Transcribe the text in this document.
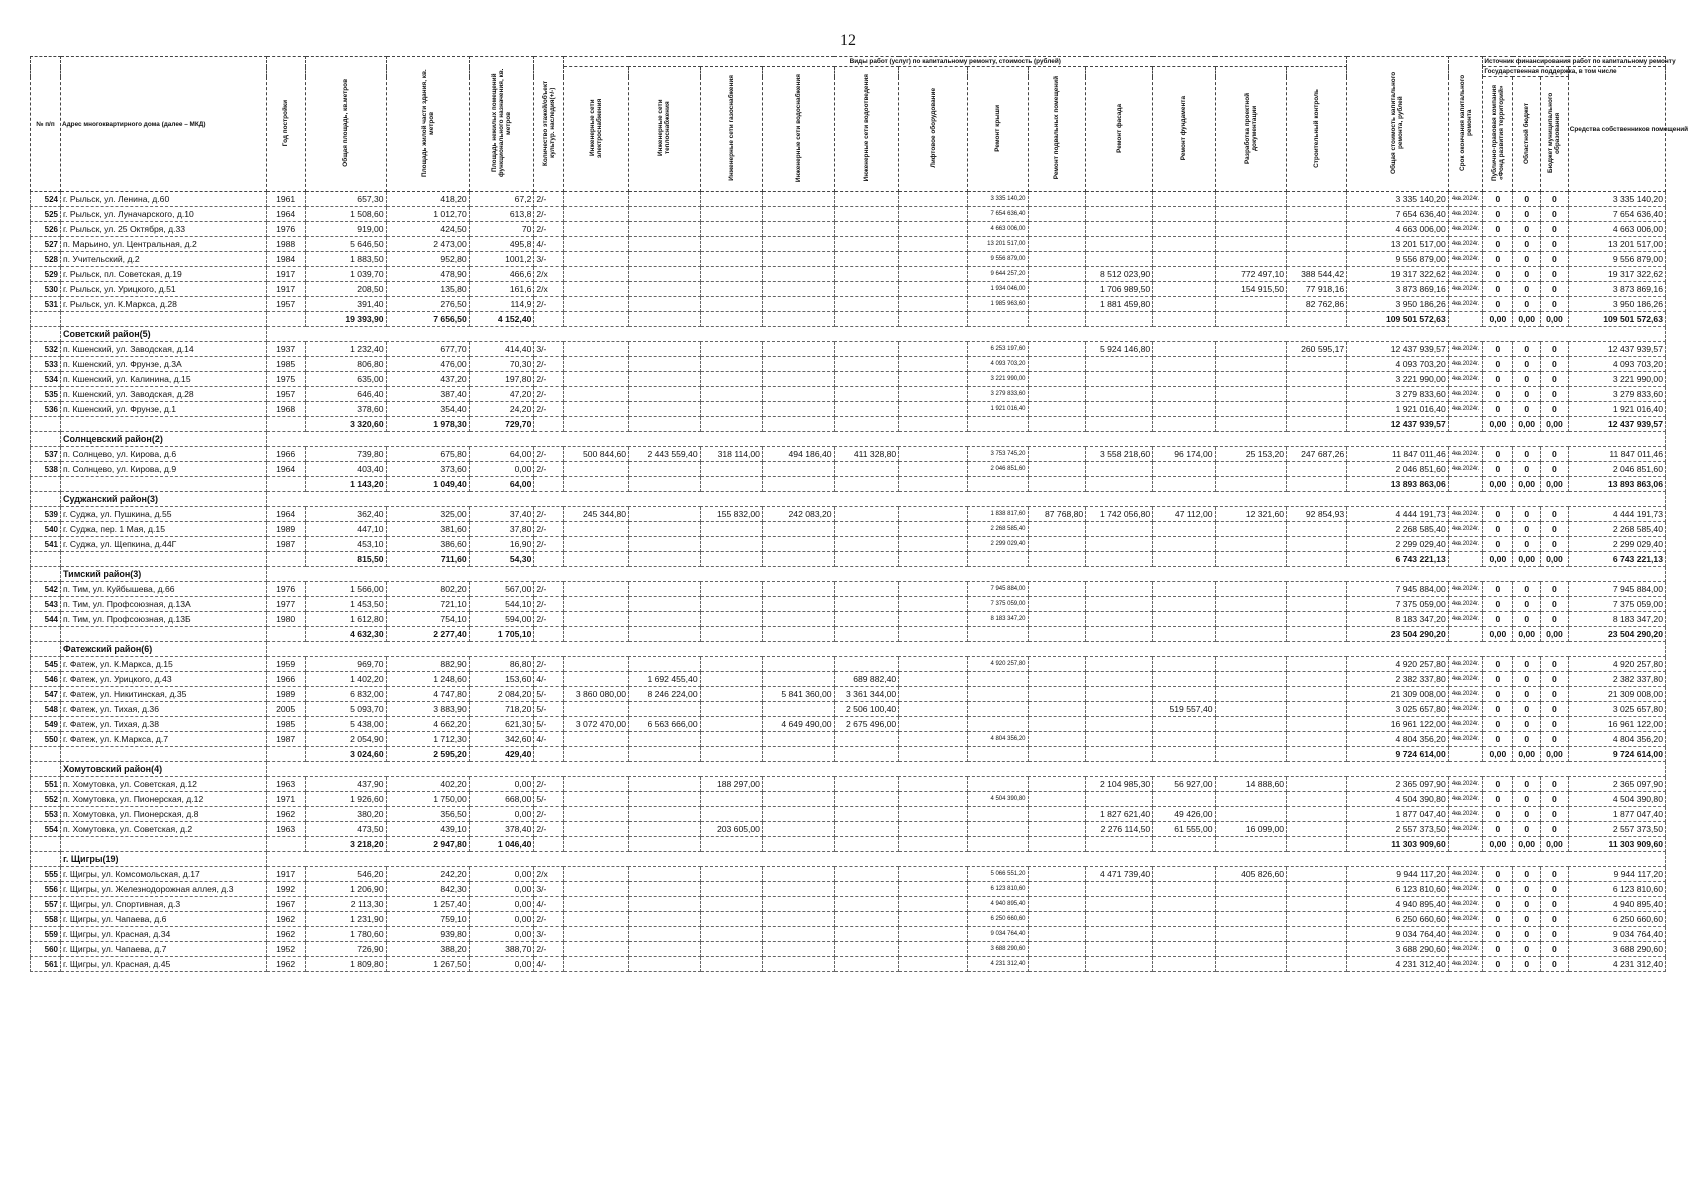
12
№ п/п	Адрес многоквартирного дома (далее – МКД)	Год постройки	Общая площадь, кв.метров	Площадь жилой части здания, кв. метров	Площадь нежилых помещений функционального назначения, кв. метров	Количество этажей/объект культур. наследия(+/-)	Виды работ (услуг) по капитальному ремонту, стоимость (рублей)												Общая стоимость капитального ремонта, рублей	Срок окончания капитального ремонта	Источник финансирования работ по капитальному ремонту			
							Инженерные сети электроснабжения	Инженерные сети теплоснабжения	Инженерные сети газоснабжения	Инженерные сети водоснабжения	Инженерные сети водоотведения	Лифтовое оборудование	Ремонт крыши	Ремонт подвальных помещений	Ремонт фасада	Ремонт фундамента	Разработка проектной документации	Строительный контроль			Государственная поддержка, в том числе			Средства собственников помещений
																					Публично-правовая компания «Фонд развития территорий»	Областной бюджет	Бюджет муниципального образования	
524	г. Рыльск, ул. Ленина, д.60	1961	657,30	418,20	67,2	2/-							3 335 140,20						3 335 140,20	4кв.2024г.	0	0	0	3 335 140,20
525	г. Рыльск, ул. Луначарского, д.10	1964	1 508,60	1 012,70	613,8	2/-							7 654 636,40						7 654 636,40	4кв.2024г.	0	0	0	7 654 636,40
526	г. Рыльск, ул. 25 Октября, д.33	1976	919,00	424,50	70	2/-							4 663 006,00						4 663 006,00	4кв.2024г.	0	0	0	4 663 006,00
527	п. Марьино, ул. Центральная, д.2	1988	5 646,50	2 473,00	495,8	4/-							13 201 517,00						13 201 517,00	4кв.2024г.	0	0	0	13 201 517,00
528	п. Учительский, д.2	1984	1 883,50	952,80	1001,2	3/-							9 556 879,00						9 556 879,00	4кв.2024г.	0	0	0	9 556 879,00
529	г. Рыльск, пл. Советская, д.19	1917	1 039,70	478,90	466,6	2/x							9 644 257,20		8 512 023,90		772 497,10	388 544,42	19 317 322,62	4кв.2024г.	0	0	0	19 317 322,62
530	г. Рыльск, ул. Урицкого, д.51	1917	208,50	135,80	161,6	2/x							1 934 046,00		1 706 989,50		154 915,50	77 918,16	3 873 869,16	4кв.2024г.	0	0	0	3 873 869,16
531	г. Рыльск, ул. К.Маркса, д.28	1957	391,40	276,50	114,9	2/-							1 985 963,60		1 881 459,80			82 762,86	3 950 186,26	4кв.2024г.	0	0	0	3 950 186,26
			19 393,90	7 656,50	4 152,40														109 501 572,63		0,00	0,00	0,00	109 501 572,63
	Советский район(5)																							
532	п. Кшенский, ул. Заводская, д.14	1937	1 232,40	677,70	414,40	3/-							6 253 197,60		5 924 146,80			260 595,17	12 437 939,57	4кв.2024г.	0	0	0	12 437 939,57
533	п. Кшенский, ул. Фрунзе, д.3А	1985	806,80	476,00	70,30	2/-							4 093 703,20						4 093 703,20	4кв.2024г.	0	0	0	4 093 703,20
534	п. Кшенский, ул. Калинина, д.15	1975	635,00	437,20	197,80	2/-							3 221 990,00						3 221 990,00	4кв.2024г.	0	0	0	3 221 990,00
535	п. Кшенский, ул. Заводская, д.28	1957	646,40	387,40	47,20	2/-							3 279 833,60						3 279 833,60	4кв.2024г.	0	0	0	3 279 833,60
536	п. Кшенский, ул. Фрунзе, д.1	1968	378,60	354,40	24,20	2/-							1 921 016,40						1 921 016,40	4кв.2024г.	0	0	0	1 921 016,40
			3 320,60	1 978,30	729,70														12 437 939,57		0,00	0,00	0,00	12 437 939,57
	Солнцевский район(2)																							
537	п. Солнцево, ул. Кирова, д.6	1966	739,80	675,80	64,00	2/-	500 844,60	2 443 559,40	318 114,00	494 186,40	411 328,80		3 753 745,20		3 558 218,60	96 174,00	25 153,20	247 687,26	11 847 011,46	4кв.2024г.	0	0	0	11 847 011,46
538	п. Солнцево, ул. Кирова, д.9	1964	403,40	373,60	0,00	2/-							2 046 851,60						2 046 851,60	4кв.2024г.	0	0	0	2 046 851,60
			1 143,20	1 049,40	64,00														13 893 863,06		0,00	0,00	0,00	13 893 863,06
	Суджанский район(3)																							
539	г. Суджа, ул. Пушкина, д.55	1964	362,40	325,00	37,40	2/-	245 344,80		155 832,00	242 083,20			1 838 817,60	87 768,80	1 742 056,80	47 112,00	12 321,60	92 854,93	4 444 191,73	4кв.2024г.	0	0	0	4 444 191,73
540	г. Суджа, пер. 1 Мая, д.15	1989	447,10	381,60	37,80	2/-							2 268 585,40						2 268 585,40	4кв.2024г.	0	0	0	2 268 585,40
541	г. Суджа, ул. Щепкина, д.44Г	1987	453,10	386,60	16,90	2/-							2 299 029,40						2 299 029,40	4кв.2024г.	0	0	0	2 299 029,40
			815,50	711,60	54,30														6 743 221,13		0,00	0,00	0,00	6 743 221,13
	Тимский район(3)																							
542	п. Тим, ул. Куйбышева, д.66	1976	1 566,00	802,20	567,00	2/-							7 945 884,00						7 945 884,00	4кв.2024г.	0	0	0	7 945 884,00
543	п. Тим, ул. Профсоюзная, д.13А	1977	1 453,50	721,10	544,10	2/-							7 375 059,00						7 375 059,00	4кв.2024г.	0	0	0	7 375 059,00
544	п. Тим, ул. Профсоюзная, д.13Б	1980	1 612,80	754,10	594,00	2/-							8 183 347,20						8 183 347,20	4кв.2024г.	0	0	0	8 183 347,20
			4 632,30	2 277,40	1 705,10														23 504 290,20		0,00	0,00	0,00	23 504 290,20
	Фатежский район(6)																							
545	г. Фатеж, ул. К.Маркса, д.15	1959	969,70	882,90	86,80	2/-							4 920 257,80						4 920 257,80	4кв.2024г.	0	0	0	4 920 257,80
546	г. Фатеж, ул. Урицкого, д.43	1966	1 402,20	1 248,60	153,60	4/-		1 692 455,40			689 882,40								2 382 337,80	4кв.2024г.	0	0	0	2 382 337,80
547	г. Фатеж, ул. Никитинская, д.35	1989	6 832,00	4 747,80	2 084,20	5/-	3 860 080,00	8 246 224,00		5 841 360,00	3 361 344,00								21 309 008,00	4кв.2024г.	0	0	0	21 309 008,00
548	г. Фатеж, ул. Тихая, д.36	2005	5 093,70	3 883,90	718,20	5/-					2 506 100,40					519 557,40			3 025 657,80	4кв.2024г.	0	0	0	3 025 657,80
549	г. Фатеж, ул. Тихая, д.38	1985	5 438,00	4 662,20	621,30	5/-	3 072 470,00	6 563 666,00		4 649 490,00	2 675 496,00								16 961 122,00	4кв.2024г.	0	0	0	16 961 122,00
550	г. Фатеж, ул. К.Маркса, д.7	1987	2 054,90	1 712,30	342,60	4/-							4 804 356,20						4 804 356,20	4кв.2024г.	0	0	0	4 804 356,20
			3 024,60	2 595,20	429,40														9 724 614,00		0,00	0,00	0,00	9 724 614,00
	Хомутовский район(4)																							
551	п. Хомутовка, ул. Советская, д.12	1963	437,90	402,20	0,00	2/-			188 297,00						2 104 985,30	56 927,00	14 888,60		2 365 097,90	4кв.2024г.	0	0	0	2 365 097,90
552	п. Хомутовка, ул. Пионерская, д.12	1971	1 926,60	1 750,00	668,00	5/-							4 504 390,80						4 504 390,80	4кв.2024г.	0	0	0	4 504 390,80
553	п. Хомутовка, ул. Пионерская, д.8	1962	380,20	356,50	0,00	2/-									1 827 621,40	49 426,00			1 877 047,40	4кв.2024г.	0	0	0	1 877 047,40
554	п. Хомутовка, ул. Советская, д.2	1963	473,50	439,10	378,40	2/-			203 605,00						2 276 114,50	61 555,00	16 099,00		2 557 373,50	4кв.2024г.	0	0	0	2 557 373,50
			3 218,20	2 947,80	1 046,40														11 303 909,60		0,00	0,00	0,00	11 303 909,60
	г. Щигры(19)																							
555	г. Щигры, ул. Комсомольская, д.17	1917	546,20	242,20	0,00	2/x							5 066 551,20		4 471 739,40		405 826,60		9 944 117,20	4кв.2024г.	0	0	0	9 944 117,20
556	г. Щигры, ул. Железнодорожная аллея, д.3	1992	1 206,90	842,30	0,00	3/-							6 123 810,60						6 123 810,60	4кв.2024г.	0	0	0	6 123 810,60
557	г. Щигры, ул. Спортивная, д.3	1967	2 113,30	1 257,40	0,00	4/-							4 940 895,40						4 940 895,40	4кв.2024г.	0	0	0	4 940 895,40
558	г. Щигры, ул. Чапаева, д.6	1962	1 231,90	759,10	0,00	2/-							6 250 660,60						6 250 660,60	4кв.2024г.	0	0	0	6 250 660,60
559	г. Щигры, ул. Красная, д.34	1962	1 780,60	939,80	0,00	3/-							9 034 764,40						9 034 764,40	4кв.2024г.	0	0	0	9 034 764,40
560	г. Щигры, ул. Чапаева, д.7	1952	726,90	388,20	388,70	2/-							3 688 290,60						3 688 290,60	4кв.2024г.	0	0	0	3 688 290,60
561	г. Щигры, ул. Красная, д.45	1962	1 809,80	1 267,50	0,00	4/-							4 231 312,40						4 231 312,40	4кв.2024г.	0	0	0	4 231 312,40
